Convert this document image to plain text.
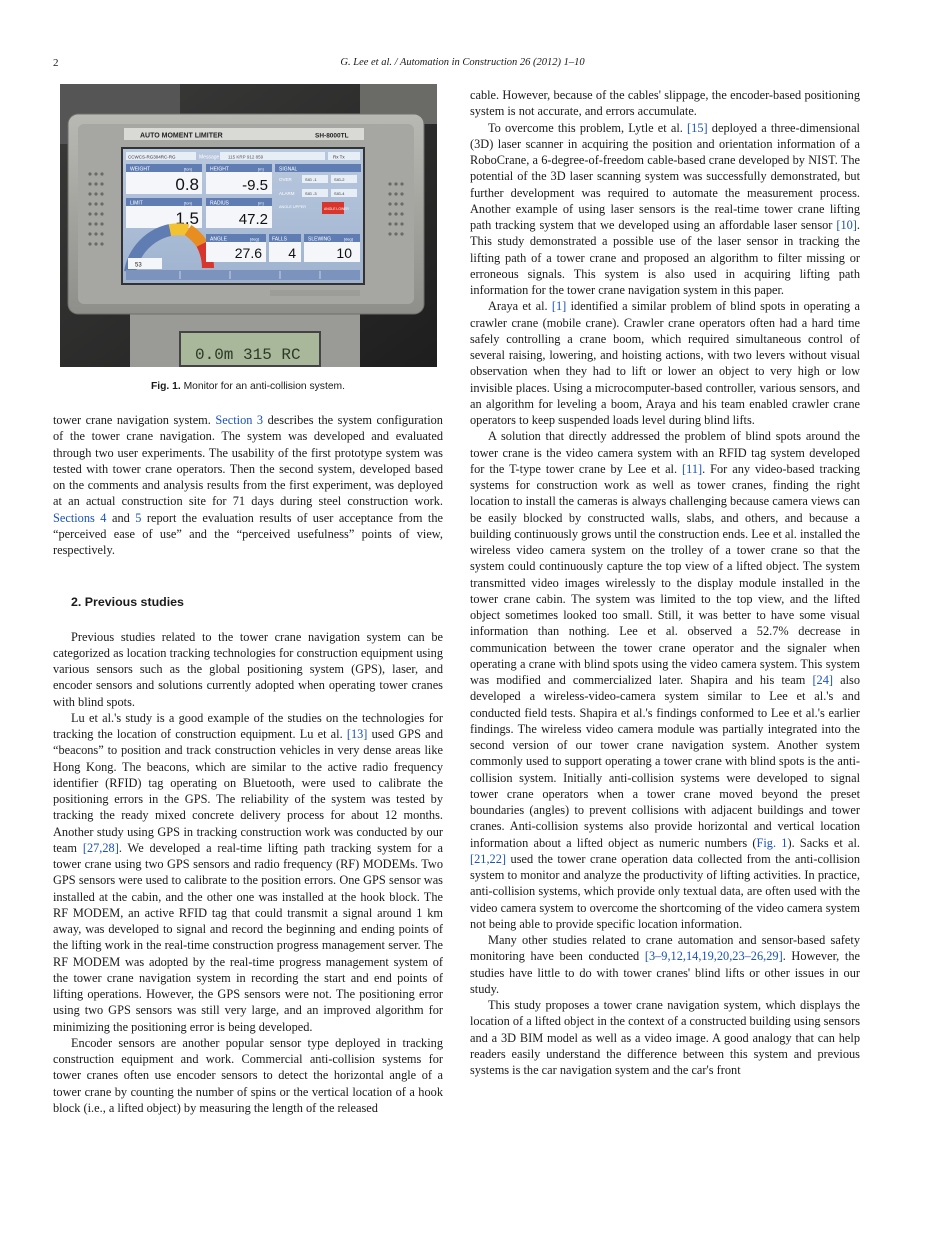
2	G. Lee et al. / Automation in Construction 26 (2012) 1–10
0.0m 315 RC
AUTO MOMENT LIMITER	SH-8000TL
CCWCS-RG304RC-RG	Message 115 KRP 912 859	Rx Tx
WEIGHT	[ton]
0.8
HEIGHT	[m]
-9.5
SIGNAL
OVER	SIG -1	SIG-2
ALARM	SIG -3	SIG-4
ANGLE UPPER	ANGLE LOWER
LIMIT	[ton]
1.5
RADIUS	[m]
47.2
53
ANGLE	[deg]
27.6
FALLS
4
SLEWING	[deg]
10
Fig. 1. Monitor for an anti-collision system.

tower crane navigation system. Section 3 describes the system configuration of the tower crane navigation. The system was developed and evaluated through two user experiments. The usability of the first prototype system was tested with tower crane operators. Then the second system, developed based on the comments and analysis results from the first experiment, was deployed at an actual construction site for 71 days during steel construction work. Sections 4 and 5 report the evaluation results of user acceptance from the “perceived ease of use” and the “perceived usefulness” points of view, respectively.

2. Previous studies

Previous studies related to the tower crane navigation system can be categorized as location tracking technologies for construction equipment using various sensors such as the global positioning system (GPS), laser, and encoder sensors and solutions currently adopted when operating tower cranes with blind spots.

Lu et al.'s study is a good example of the studies on the technologies for tracking the location of construction equipment. Lu et al. [13] used GPS and “beacons” to position and track construction vehicles in very dense areas like Hong Kong. The beacons, which are similar to the active radio frequency identifier (RFID) tag operating on Bluetooth, were used to calibrate the positioning errors in the GPS. The reliability of the system was tested by tracking the ready mixed concrete delivery process for about 12 months. Another study using GPS in tracking construction work was conducted by our team [27,28]. We developed a real-time lifting path tracking system for a tower crane using two GPS sensors and radio frequency (RF) MODEMs. Two GPS sensors were used to calibrate to the position errors. One GPS sensor was installed at the cabin, and the other one was installed at the hook block. The RF MODEM, an active RFID tag that could transmit a signal around 1 km away, was developed to signal and record the beginning and ending points of the lifting work in the real-time construction progress management server. The RF MODEM was adopted by the real-time progress management system of the tower crane navigation system in recording the start and end points of lifting operations. However, the GPS sensors were not. The positioning error using two GPS sensors was still very large, and an improved algorithm for minimizing the positioning error is being developed.

Encoder sensors are another popular sensor type deployed in tracking construction equipment and work. Commercial anti-collision systems for tower cranes often use encoder sensors to detect the horizontal angle of a tower crane by counting the number of spins or the vertical location of a hook block (i.e., a lifted object) by measuring the length of the released

cable. However, because of the cables' slippage, the encoder-based positioning system is not accurate, and errors accumulate.

To overcome this problem, Lytle et al. [15] deployed a three-dimensional (3D) laser scanner in acquiring the position and orientation information of a RoboCrane, a 6-degree-of-freedom cable-based crane developed by NIST. The potential of the 3D laser scanning system was successfully demonstrated, but further development was required to automate the measurement process. Another example of using laser sensors is the real-time tower crane lifting path tracking system that we developed using an affordable laser sensor [10]. This study demonstrated a possible use of the laser sensor in tracking the lifting path of a tower crane and proposed an algorithm to filter missing or erroneous signals. This system is also used in acquiring lifting path information for the tower crane navigation system in this paper.

Araya et al. [1] identified a similar problem of blind spots in operating a crawler crane (mobile crane). Crawler crane operators often had a hard time safely controlling a crane boom, which required simultaneous control of several raising, lowering, and hoisting actions, with two levers without visual observation when they had to lift or lower an object to very high or low invisible places. Using a microcomputer-based controller, various sensors, and an algorithm for leveling a boom, Araya and his team enabled crawler crane operators to keep suspended loads level during blind lifts.

A solution that directly addressed the problem of blind spots around the tower crane is the video camera system with an RFID tag system developed for the T-type tower crane by Lee et al. [11]. For any video-based tracking systems for construction work as well as tower cranes, finding the right location to install the cameras is always challenging because camera views can be easily blocked by constructed walls, slabs, and others, and because a building continuously grows until the construction ends. Lee et al. installed the wireless video camera system on the trolley of a tower crane so that the system could continuously capture the top view of a lifted object. The system transmitted video images wirelessly to the display module installed in the tower crane cabin. The system was limited to the top view, and the lifted object sometimes looked too small. Still, it was better to have some visual information than nothing. Lee et al. observed a 52.7% decrease in communication between the tower crane operator and the signaler when operating a crane with blind spots using the video camera system. This system was modified and commercialized later. Shapira and his team [24] also developed a wireless-video-camera system similar to Lee et al.'s and conducted field tests. Shapira et al.'s findings conformed to Lee et al.'s earlier findings. The wireless video camera module was partially integrated into the second version of our tower crane navigation system. Another system commonly used to support operating a tower crane with blind spots is the anti-collision system. Initially anti-collision systems were developed to signal tower crane operators when a tower crane moved beyond the preset boundaries (angles) to prevent collisions with adjacent buildings and tower cranes. Anti-collision systems also provide horizontal and vertical location information about a lifted object as numeric numbers (Fig. 1). Sacks et al. [21,22] used the tower crane operation data collected from the anti-collision system to monitor and analyze the productivity of lifting activities. In practice, anti-collision systems, which provide only textual data, are often used with the video camera system to overcome the shortcoming of the video camera system not being able to provide specific location information.

Many other studies related to crane automation and sensor-based safety monitoring have been conducted [3–9,12,14,19,20,23–26,29]. However, the studies have little to do with tower cranes' blind lifts or other issues in our study.

This study proposes a tower crane navigation system, which displays the location of a lifted object in the context of a constructed building using sensors and a 3D BIM model as well as a video image. A good analogy that can help readers easily understand the difference between this system and previous systems is the car navigation system and the car's front
